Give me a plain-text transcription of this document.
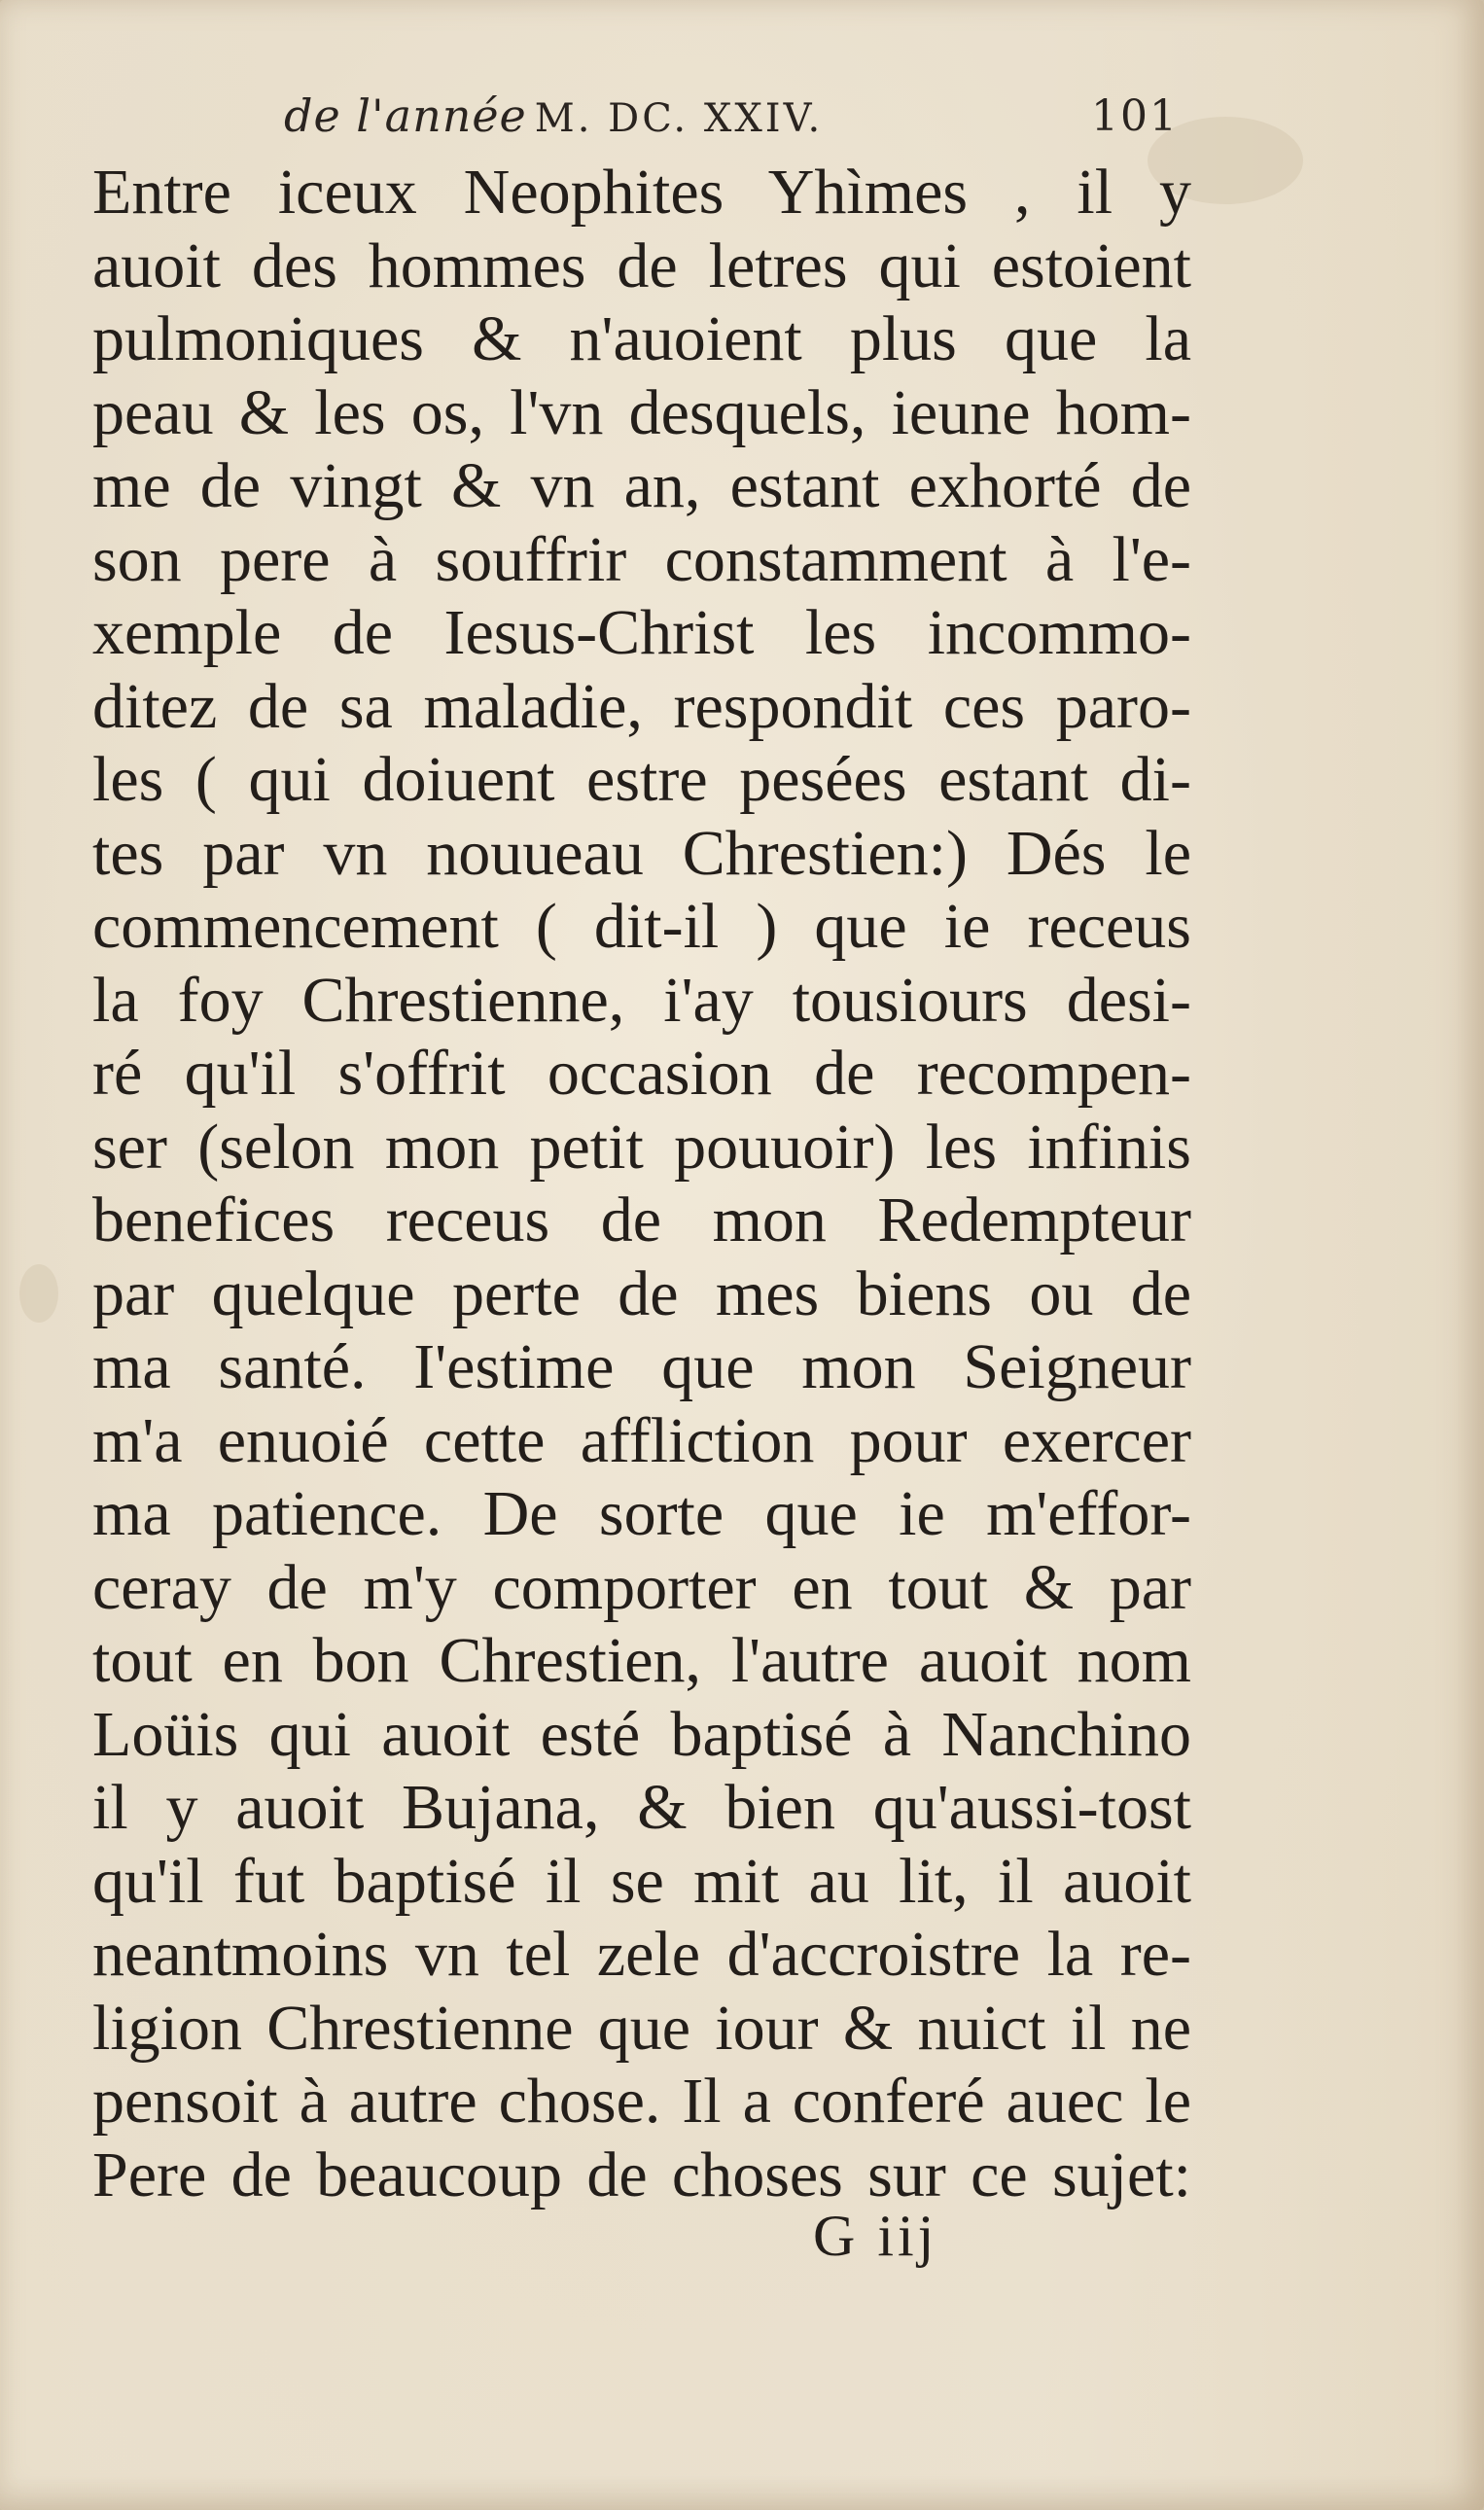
de l'année M. DC. XXIV.	101
Entre iceux Neophites Yhìmes , il y
auoit des hommes de letres qui estoient
pulmoniques & n'auoient plus que la
peau & les os, l'vn desquels, ieune hom-
me de vingt & vn an, estant exhorté de
son pere à souffrir constamment à l'e-
xemple de Iesus-Christ les incommo-
ditez de sa maladie, respondit ces paro-
les ( qui doiuent estre pesées estant di-
tes par vn nouueau Chrestien:) Dés le
commencement ( dit-il ) que ie receus
la foy Chrestienne, i'ay tousiours desi-
ré qu'il s'offrit occasion de recompen-
ser (selon mon petit pouuoir) les infinis
benefices receus de mon Redempteur
par quelque perte de mes biens ou de
ma santé. I'estime que mon Seigneur
m'a enuoié cette affliction pour exercer
ma patience. De sorte que ie m'effor-
ceray de m'y comporter en tout & par
tout en bon Chrestien, l'autre auoit nom
Loüis qui auoit esté baptisé à Nanchino
il y auoit Bujana, & bien qu'aussi-tost
qu'il fut baptisé il se mit au lit, il auoit
neantmoins vn tel zele d'accroistre la re-
ligion Chrestienne que iour & nuict il ne
pensoit à autre chose. Il a conferé auec le
Pere de beaucoup de choses sur ce sujet:
G iij
